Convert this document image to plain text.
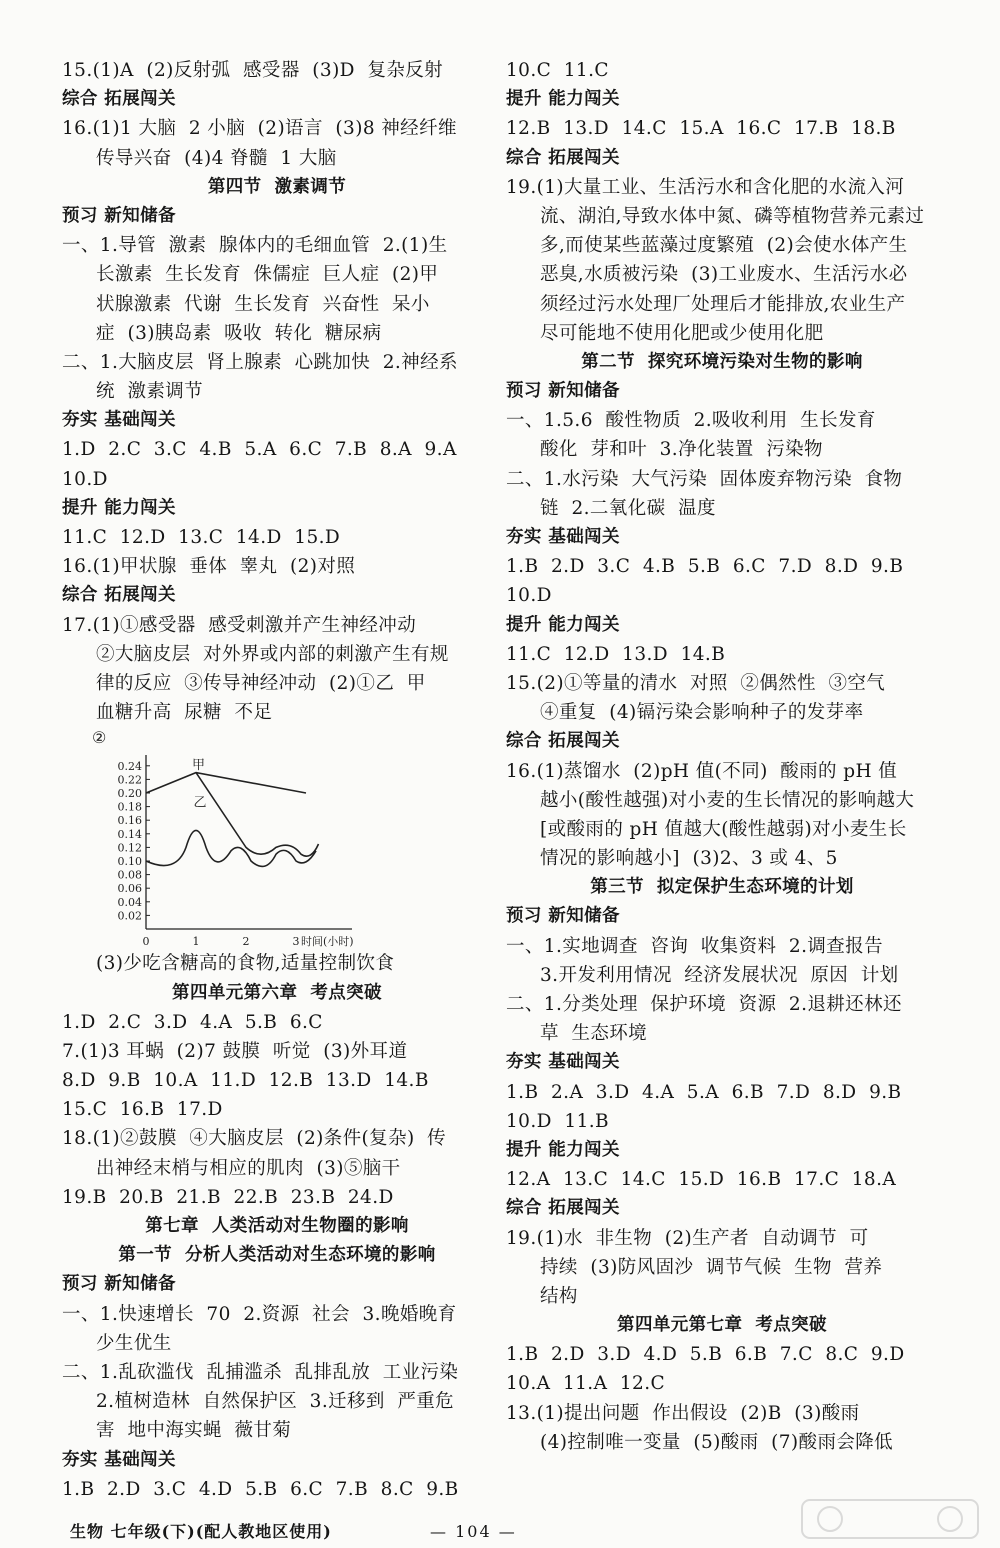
15.(1)A  (2)反射弧  感受器  (3)D  复杂反射
综合 拓展闯关
16.(1)1 大脑  2 小脑  (2)语言  (3)8 神经纤维
传导兴奋  (4)4 脊髓  1 大脑
第四节  激素调节
预习 新知储备
一、1.导管  激素  腺体内的毛细血管  2.(1)生
长激素  生长发育  侏儒症  巨人症  (2)甲
状腺激素  代谢  生长发育  兴奋性  呆小
症  (3)胰岛素  吸收  转化  糖尿病
二、1.大脑皮层  肾上腺素  心跳加快  2.神经系
统  激素调节
夯实 基础闯关
1.D  2.C  3.C  4.B  5.A  6.C  7.B  8.A  9.A
10.D
提升 能力闯关
11.C  12.D  13.C  14.D  15.D
16.(1)甲状腺  垂体  睾丸  (2)对照
综合 拓展闯关
17.(1)①感受器  感受刺激并产生神经冲动
②大脑皮层  对外界或内部的刺激产生有规
律的反应  ③传导神经冲动  (2)①乙  甲
血糖升高  尿糖  不足
②
0.24
0.22
0.20
0.18
0.16
0.14
0.12
0.10
0.08
0.06
0.04
0.02
0	1	2	3 时间(小时)
甲
乙
(3)少吃含糖高的食物,适量控制饮食
第四单元第六章  考点突破
1.D  2.C  3.D  4.A  5.B  6.C
7.(1)3 耳蜗  (2)7 鼓膜  听觉  (3)外耳道
8.D  9.B  10.A  11.D  12.B  13.D  14.B
15.C  16.B  17.D
18.(1)②鼓膜  ④大脑皮层  (2)条件(复杂)  传
出神经末梢与相应的肌肉  (3)⑤脑干
19.B  20.B  21.B  22.B  23.B  24.D
第七章  人类活动对生物圈的影响
第一节  分析人类活动对生态环境的影响
预习 新知储备
一、1.快速增长  70  2.资源  社会  3.晚婚晚育
少生优生
二、1.乱砍滥伐  乱捕滥杀  乱排乱放  工业污染
2.植树造林  自然保护区  3.迁移到  严重危
害  地中海实蝇  薇甘菊
夯实 基础闯关
1.B  2.D  3.C  4.D  5.B  6.C  7.B  8.C  9.B
10.C  11.C
提升 能力闯关
12.B  13.D  14.C  15.A  16.C  17.B  18.B
综合 拓展闯关
19.(1)大量工业、生活污水和含化肥的水流入河
流、湖泊,导致水体中氮、磷等植物营养元素过
多,而使某些蓝藻过度繁殖  (2)会使水体产生
恶臭,水质被污染  (3)工业废水、生活污水必
须经过污水处理厂处理后才能排放,农业生产
尽可能地不使用化肥或少使用化肥
第二节  探究环境污染对生物的影响
预习 新知储备
一、1.5.6  酸性物质  2.吸收利用  生长发育
酸化  芽和叶  3.净化装置  污染物
二、1.水污染  大气污染  固体废弃物污染  食物
链  2.二氧化碳  温度
夯实 基础闯关
1.B  2.D  3.C  4.B  5.B  6.C  7.D  8.D  9.B
10.D
提升 能力闯关
11.C  12.D  13.D  14.B
15.(2)①等量的清水  对照  ②偶然性  ③空气
④重复  (4)镉污染会影响种子的发芽率
综合 拓展闯关
16.(1)蒸馏水  (2)pH 值(不同)  酸雨的 pH 值
越小(酸性越强)对小麦的生长情况的影响越大
[或酸雨的 pH 值越大(酸性越弱)对小麦生长
情况的影响越小]  (3)2、3 或 4、5
第三节  拟定保护生态环境的计划
预习 新知储备
一、1.实地调查  咨询  收集资料  2.调查报告
3.开发利用情况  经济发展状况  原因  计划
二、1.分类处理  保护环境  资源  2.退耕还林还
草  生态环境
夯实 基础闯关
1.B  2.A  3.D  4.A  5.A  6.B  7.D  8.D  9.B
10.D  11.B
提升 能力闯关
12.A  13.C  14.C  15.D  16.B  17.C  18.A
综合 拓展闯关
19.(1)水  非生物  (2)生产者  自动调节  可
持续  (3)防风固沙  调节气候  生物  营养
结构
第四单元第七章  考点突破
1.B  2.D  3.D  4.D  5.B  6.B  7.C  8.C  9.D
10.A  11.A  12.C
13.(1)提出问题  作出假设  (2)B  (3)酸雨
(4)控制唯一变量  (5)酸雨  (7)酸雨会降低
生物 七年级(下)(配人教地区使用)	— 104 —
